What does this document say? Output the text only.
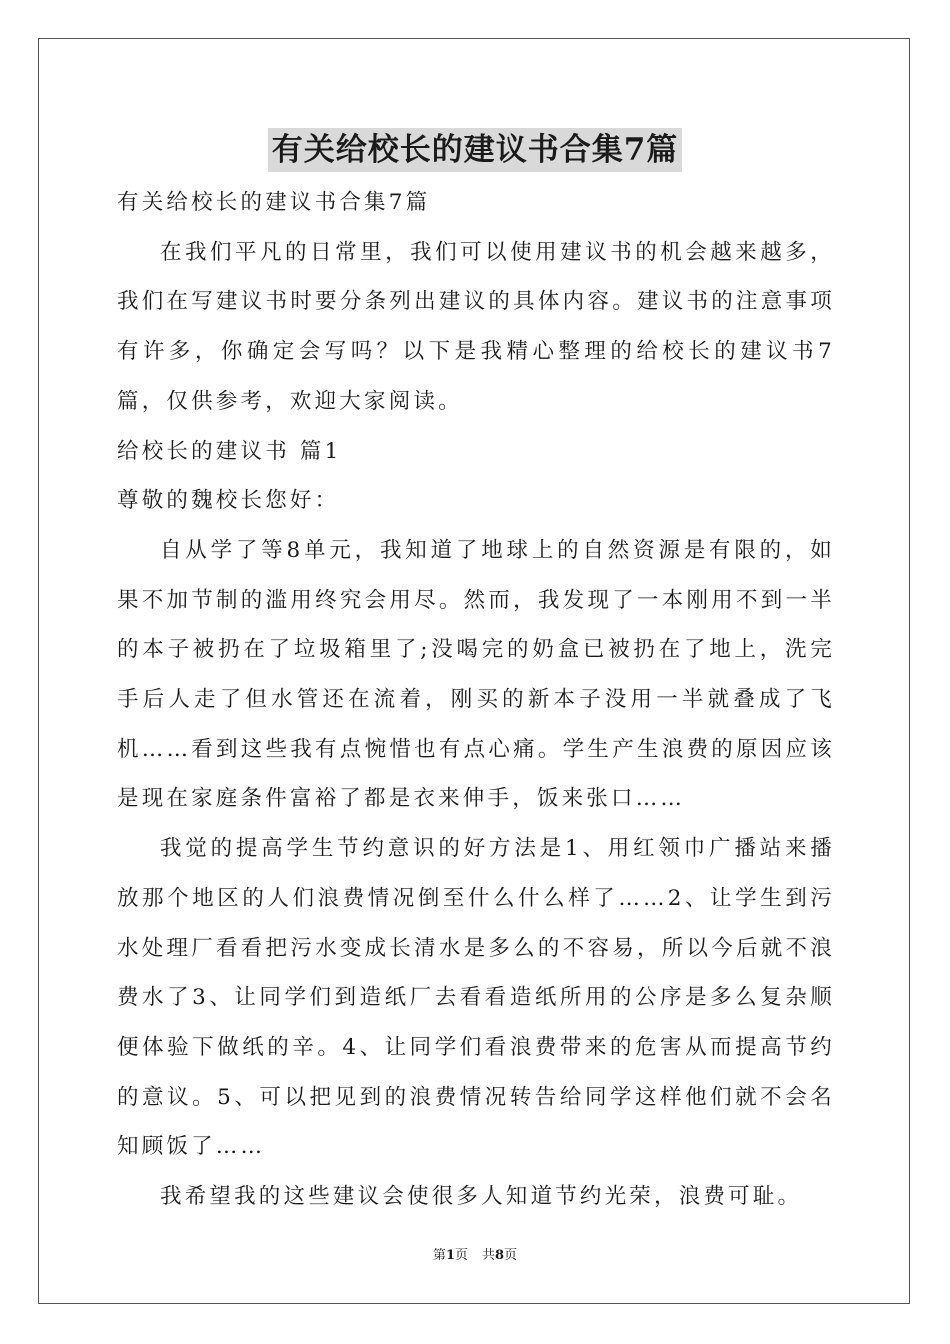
有关给校长的建议书合集7篇

有关给校长的建议书合集7篇

在我们平凡的日常里，我们可以使用建议书的机会越来越多，我们在写建议书时要分条列出建议的具体内容。建议书的注意事项有许多，你确定会写吗？以下是我精心整理的给校长的建议书7篇，仅供参考，欢迎大家阅读。

给校长的建议书 篇1

尊敬的魏校长您好：

自从学了等8单元，我知道了地球上的自然资源是有限的，如果不加节制的滥用终究会用尽。然而，我发现了一本刚用不到一半的本子被扔在了垃圾箱里了;没喝完的奶盒已被扔在了地上，洗完手后人走了但水管还在流着，刚买的新本子没用一半就叠成了飞机……看到这些我有点惋惜也有点心痛。学生产生浪费的原因应该是现在家庭条件富裕了都是衣来伸手，饭来张口……

我觉的提高学生节约意识的好方法是1、用红领巾广播站来播放那个地区的人们浪费情况倒至什么什么样了……2、让学生到污水处理厂看看把污水变成长清水是多么的不容易，所以今后就不浪费水了3、让同学们到造纸厂去看看造纸所用的公序是多么复杂顺便体验下做纸的辛。4、让同学们看浪费带来的危害从而提高节约的意议。5、可以把见到的浪费情况转告给同学这样他们就不会名知顾饭了……

我希望我的这些建议会使很多人知道节约光荣，浪费可耻。

第1页 共8页
